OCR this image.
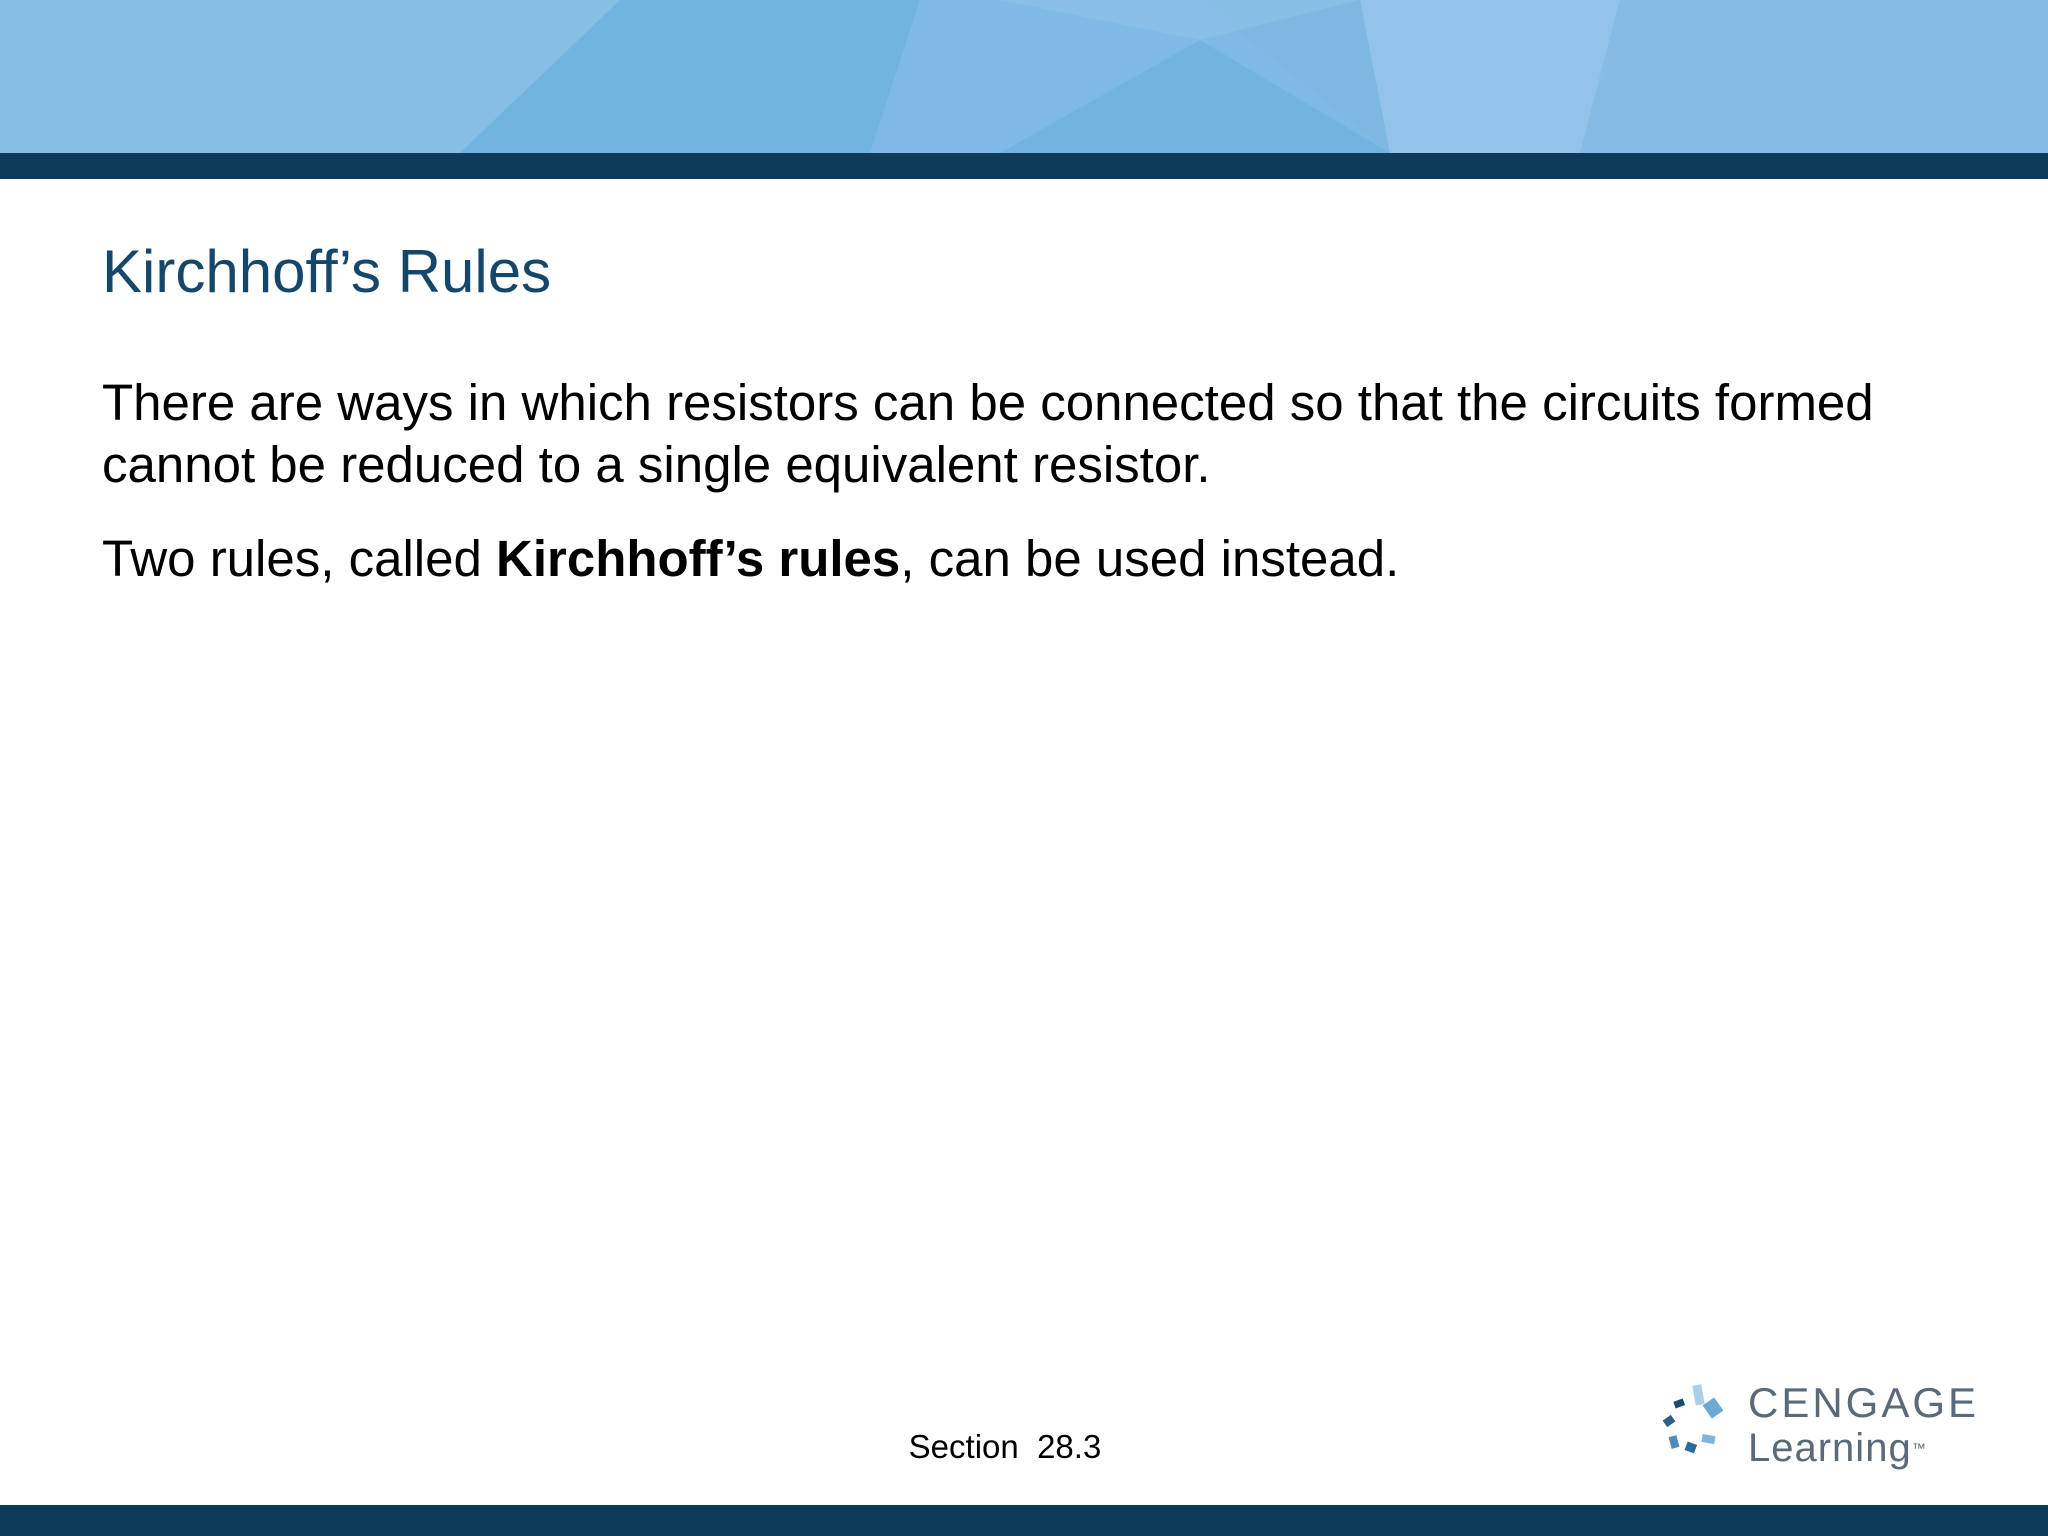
Kirchhoff’s Rules

There are ways in which resistors can be connected so that the circuits formed cannot be reduced to a single equivalent resistor.

Two rules, called Kirchhoff’s rules, can be used instead.

Section  28.3
CENGAGE
Learning™
